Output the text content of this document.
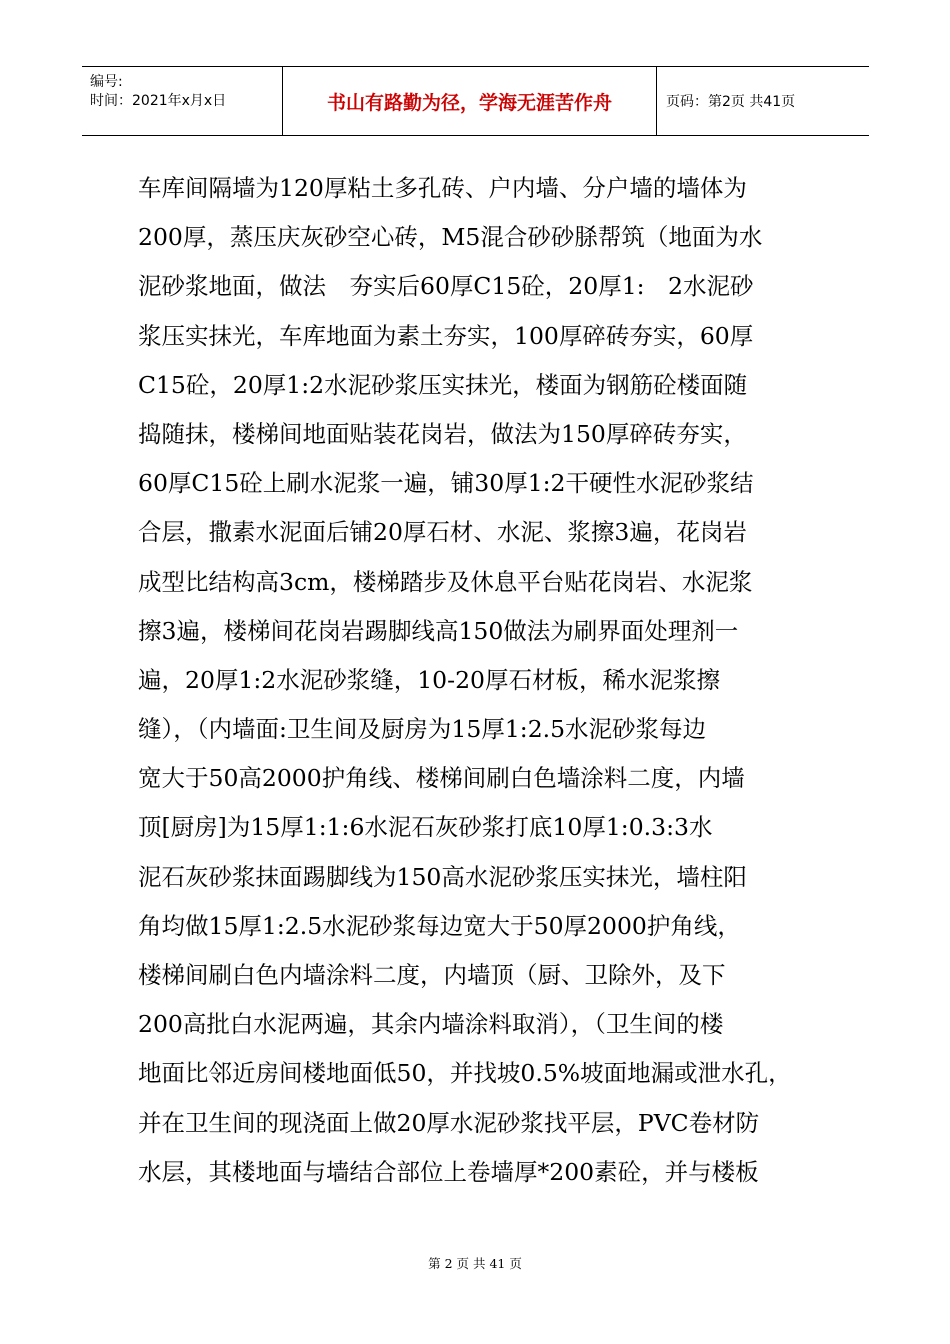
编号:
时间：2021年x月x日	书山有路勤为径，学海无涯苦作舟	页码：第2页 共41页
车库间隔墙为120厚粘土多孔砖、户内墙、分户墙的墙体为
200厚，蒸压庆灰砂空心砖，M5混合砂砂脎帮筑（地面为水
泥砂浆地面，做法　夯实后60厚C15砼，20厚1:　2水泥砂
浆压实抹光，车库地面为素土夯实，100厚碎砖夯实，60厚
C15砼，20厚1:2水泥砂浆压实抹光，楼面为钢筋砼楼面随
捣随抹，楼梯间地面贴装花岗岩，做法为150厚碎砖夯实，
60厚C15砼上刷水泥浆一遍，铺30厚1:2干硬性水泥砂浆结
合层，撒素水泥面后铺20厚石材、水泥、浆擦3遍，花岗岩
成型比结构高3cm，楼梯踏步及休息平台贴花岗岩、水泥浆
擦3遍，楼梯间花岗岩踢脚线高150做法为刷界面处理剂一
遍，20厚1:2水泥砂浆缝，10-20厚石材板，稀水泥浆擦
缝），（内墙面:卫生间及厨房为15厚1:2.5水泥砂浆每边
宽大于50高2000护角线、楼梯间刷白色墙涂料二度，内墙
顶[厨房]为15厚1:1:6水泥石灰砂浆打底10厚1:0.3:3水
泥石灰砂浆抹面踢脚线为150高水泥砂浆压实抹光，墙柱阳
角均做15厚1:2.5水泥砂浆每边宽大于50厚2000护角线，
楼梯间刷白色内墙涂料二度，内墙顶（厨、卫除外，及下
200高批白水泥两遍，其余内墙涂料取消），（卫生间的楼
地面比邻近房间楼地面低50，并找坡0.5%坡面地漏或泄水孔，
并在卫生间的现浇面上做20厚水泥砂浆找平层，PVC卷材防
水层，其楼地面与墙结合部位上卷墙厚*200素砼，并与楼板
第 2 页 共 41 页
